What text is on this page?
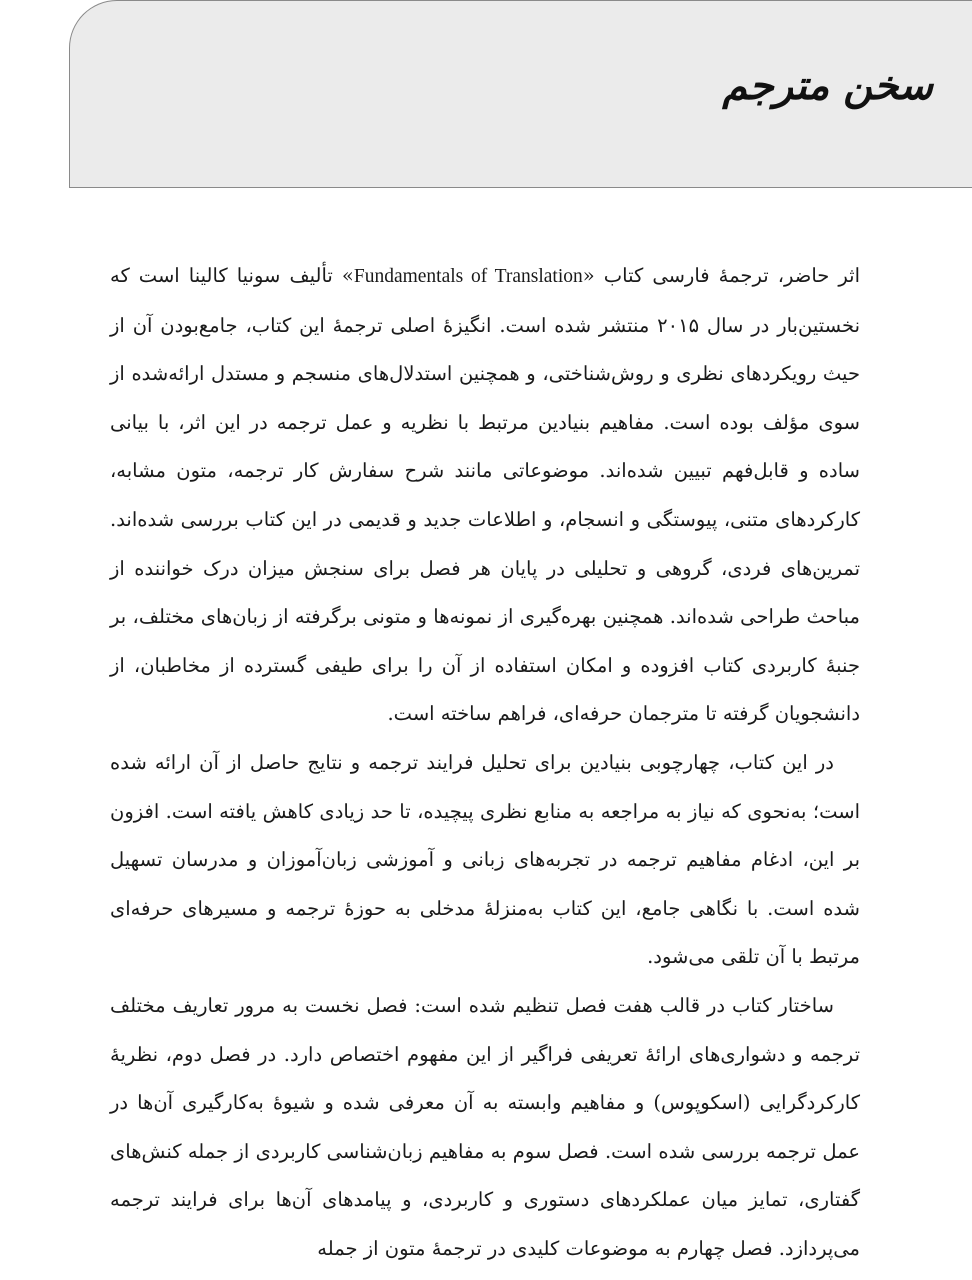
سخن مترجم

اثر حاضر، ترجمهٔ فارسی کتاب «Fundamentals of Translation» تألیف سونیا کالینا است که نخستین‌بار در سال ۲۰۱۵ منتشر شده است. انگیزهٔ اصلی ترجمهٔ این کتاب، جامع‌بودن آن از حیث رویکردهای نظری و روش‌شناختی، و همچنین استدلال‌های منسجم و مستدل ارائه‌شده از سوی مؤلف بوده است. مفاهیم بنیادین مرتبط با نظریه و عمل ترجمه در این اثر، با بیانی ساده و قابل‌فهم تبیین شده‌اند. موضوعاتی مانند شرح سفارش کار ترجمه، متون مشابه، کارکردهای متنی، پیوستگی و انسجام، و اطلاعات جدید و قدیمی در این کتاب بررسی شده‌اند. تمرین‌های فردی، گروهی و تحلیلی در پایان هر فصل برای سنجش میزان درک خواننده از مباحث طراحی شده‌اند. همچنین بهره‌گیری از نمونه‌ها و متونی برگرفته از زبان‌های مختلف، بر جنبهٔ کاربردی کتاب افزوده و امکان استفاده از آن را برای طیفی گسترده از مخاطبان، از دانشجویان گرفته تا مترجمان حرفه‌ای، فراهم ساخته است.

در این کتاب، چهارچوبی بنیادین برای تحلیل فرایند ترجمه و نتایج حاصل از آن ارائه شده است؛ به‌نحوی که نیاز به مراجعه به منابع نظری پیچیده، تا حد زیادی کاهش یافته است. افزون بر این، ادغام مفاهیم ترجمه در تجربه‌های زبانی و آموزشی زبان‌آموزان و مدرسان تسهیل شده است. با نگاهی جامع، این کتاب به‌منزلهٔ مدخلی به حوزهٔ ترجمه و مسیرهای حرفه‌ای مرتبط با آن تلقی می‌شود.

ساختار کتاب در قالب هفت فصل تنظیم شده است: فصل نخست به مرور تعاریف مختلف ترجمه و دشواری‌های ارائهٔ تعریفی فراگیر از این مفهوم اختصاص دارد. در فصل دوم، نظریهٔ کارکردگرایی (اسکوپوس) و مفاهیم وابسته به آن معرفی شده و شیوهٔ به‌کارگیری آن‌ها در عمل ترجمه بررسی شده است. فصل سوم به مفاهیم زبان‌شناسی کاربردی از جمله کنش‌های گفتاری، تمایز میان عملکردهای دستوری و کاربردی، و پیامدهای آن‌ها برای فرایند ترجمه می‌پردازد. فصل چهارم به موضوعات کلیدی در ترجمهٔ متون از جمله
